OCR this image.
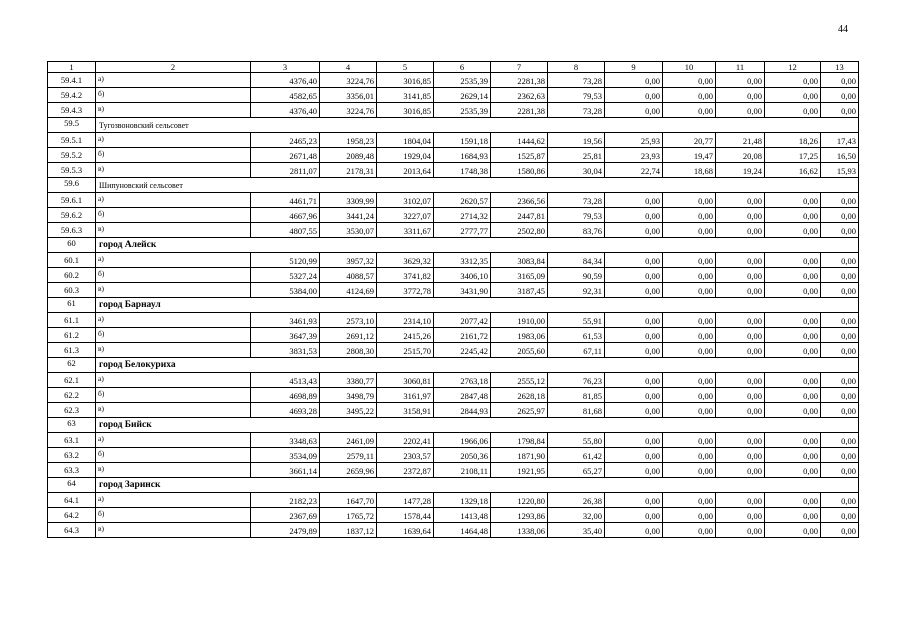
44
1	2	3	4	5	6	7	8	9	10	11	12	13
59.4.1	а)	4376,40	3224,76	3016,85	2535,39	2281,38	73,28	0,00	0,00	0,00	0,00	0,00
59.4.2	б)	4582,65	3356,01	3141,85	2629,14	2362,63	79,53	0,00	0,00	0,00	0,00	0,00
59.4.3	в)	4376,40	3224,76	3016,85	2535,39	2281,38	73,28	0,00	0,00	0,00	0,00	0,00
59.5	Тугозвоновский сельсовет											
59.5.1	а)	2465,23	1958,23	1804,04	1591,18	1444,62	19,56	25,93	20,77	21,48	18,26	17,43
59.5.2	б)	2671,48	2089,48	1929,04	1684,93	1525,87	25,81	23,93	19,47	20,08	17,25	16,50
59.5.3	в)	2811,07	2178,31	2013,64	1748,38	1580,86	30,04	22,74	18,68	19,24	16,62	15,93
59.6	Шипуновский сельсовет											
59.6.1	а)	4461,71	3309,99	3102,07	2620,57	2366,56	73,28	0,00	0,00	0,00	0,00	0,00
59.6.2	б)	4667,96	3441,24	3227,07	2714,32	2447,81	79,53	0,00	0,00	0,00	0,00	0,00
59.6.3	в)	4807,55	3530,07	3311,67	2777,77	2502,80	83,76	0,00	0,00	0,00	0,00	0,00
60	город Алейск											
60.1	а)	5120,99	3957,32	3629,32	3312,35	3083,84	84,34	0,00	0,00	0,00	0,00	0,00
60.2	б)	5327,24	4088,57	3741,82	3406,10	3165,09	90,59	0,00	0,00	0,00	0,00	0,00
60.3	в)	5384,00	4124,69	3772,78	3431,90	3187,45	92,31	0,00	0,00	0,00	0,00	0,00
61	город Барнаул											
61.1	а)	3461,93	2573,10	2314,10	2077,42	1910,00	55,91	0,00	0,00	0,00	0,00	0,00
61.2	б)	3647,39	2691,12	2415,26	2161,72	1983,06	61,53	0,00	0,00	0,00	0,00	0,00
61.3	в)	3831,53	2808,30	2515,70	2245,42	2055,60	67,11	0,00	0,00	0,00	0,00	0,00
62	город Белокуриха											
62.1	а)	4513,43	3380,77	3060,81	2763,18	2555,12	76,23	0,00	0,00	0,00	0,00	0,00
62.2	б)	4698,89	3498,79	3161,97	2847,48	2628,18	81,85	0,00	0,00	0,00	0,00	0,00
62.3	в)	4693,28	3495,22	3158,91	2844,93	2625,97	81,68	0,00	0,00	0,00	0,00	0,00
63	город Бийск											
63.1	а)	3348,63	2461,09	2202,41	1966,06	1798,84	55,80	0,00	0,00	0,00	0,00	0,00
63.2	б)	3534,09	2579,11	2303,57	2050,36	1871,90	61,42	0,00	0,00	0,00	0,00	0,00
63.3	в)	3661,14	2659,96	2372,87	2108,11	1921,95	65,27	0,00	0,00	0,00	0,00	0,00
64	город Заринск											
64.1	а)	2182,23	1647,70	1477,28	1329,18	1220,80	26,38	0,00	0,00	0,00	0,00	0,00
64.2	б)	2367,69	1765,72	1578,44	1413,48	1293,86	32,00	0,00	0,00	0,00	0,00	0,00
64.3	в)	2479,89	1837,12	1639,64	1464,48	1338,06	35,40	0,00	0,00	0,00	0,00	0,00
